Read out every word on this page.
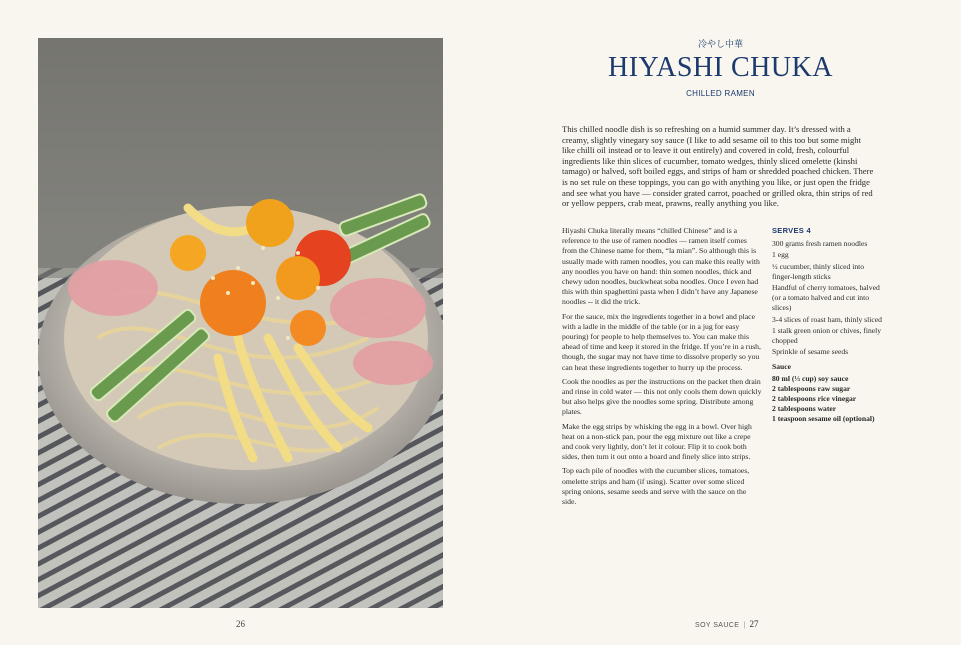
26
冷やし中華
HIYASHI CHUKA
CHILLED RAMEN

This chilled noodle dish is so refreshing on a humid summer day. It’s dressed with a creamy, slightly vinegary soy sauce (I like to add sesame oil to this too but some might like chilli oil instead or to leave it out entirely) and covered in cold, fresh, colourful ingredients like thin slices of cucumber, tomato wedges, thinly sliced omelette (kinshi tamago) or halved, soft boiled eggs, and strips of ham or shredded poached chicken. There is no set rule on these toppings, you can go with anything you like, or just open the fridge and see what you have — consider grated carrot, poached or grilled okra, thin strips of red or yellow peppers, crab meat, prawns, really anything you like.

Hiyashi Chuka literally means “chilled Chinese” and is a reference to the use of ramen noodles — ramen itself comes from the Chinese name for them, “la mian”. So although this is usually made with ramen noodles, you can make this really with any noodles you have on hand: thin somen noodles, thick and chewy udon noodles, buckwheat soba noodles. Once I even had this with thin spaghettini pasta when I didn’t have any Japanese noodles -- it did the trick.

For the sauce, mix the ingredients together in a bowl and place with a ladle in the middle of the table (or in a jug for easy pouring) for people to help themselves to. You can make this ahead of time and keep it stored in the fridge. If you’re in a rush, though, the sugar may not have time to dissolve properly so you can heat these ingredients together to hurry up the process.

Cook the noodles as per the instructions on the packet then drain and rinse in cold water — this not only cools them down quickly but also helps give the noodles some spring. Distribute among plates.

Make the egg strips by whisking the egg in a bowl. Over high heat on a non-stick pan, pour the egg mixture out like a crepe and cook very lightly, don’t let it colour. Flip it to cook both sides, then turn it out onto a board and finely slice into strips.

Top each pile of noodles with the cucumber slices, tomatoes, omelette strips and ham (if using). Scatter over some sliced spring onions, sesame seeds and serve with the sauce on the side.

SERVES 4
300 grams fresh ramen noodles
1 egg
½ cucumber, thinly sliced into finger-length sticks
Handful of cherry tomatoes, halved (or a tomato halved and cut into slices)
3-4 slices of roast ham, thinly sliced
1 stalk green onion or chives, finely chopped
Sprinkle of sesame seeds
Sauce
80 ml (⅓ cup) soy sauce
2 tablespoons raw sugar
2 tablespoons rice vinegar
2 tablespoons water
1 teaspoon sesame oil (optional)
SOY SAUCE | 27
